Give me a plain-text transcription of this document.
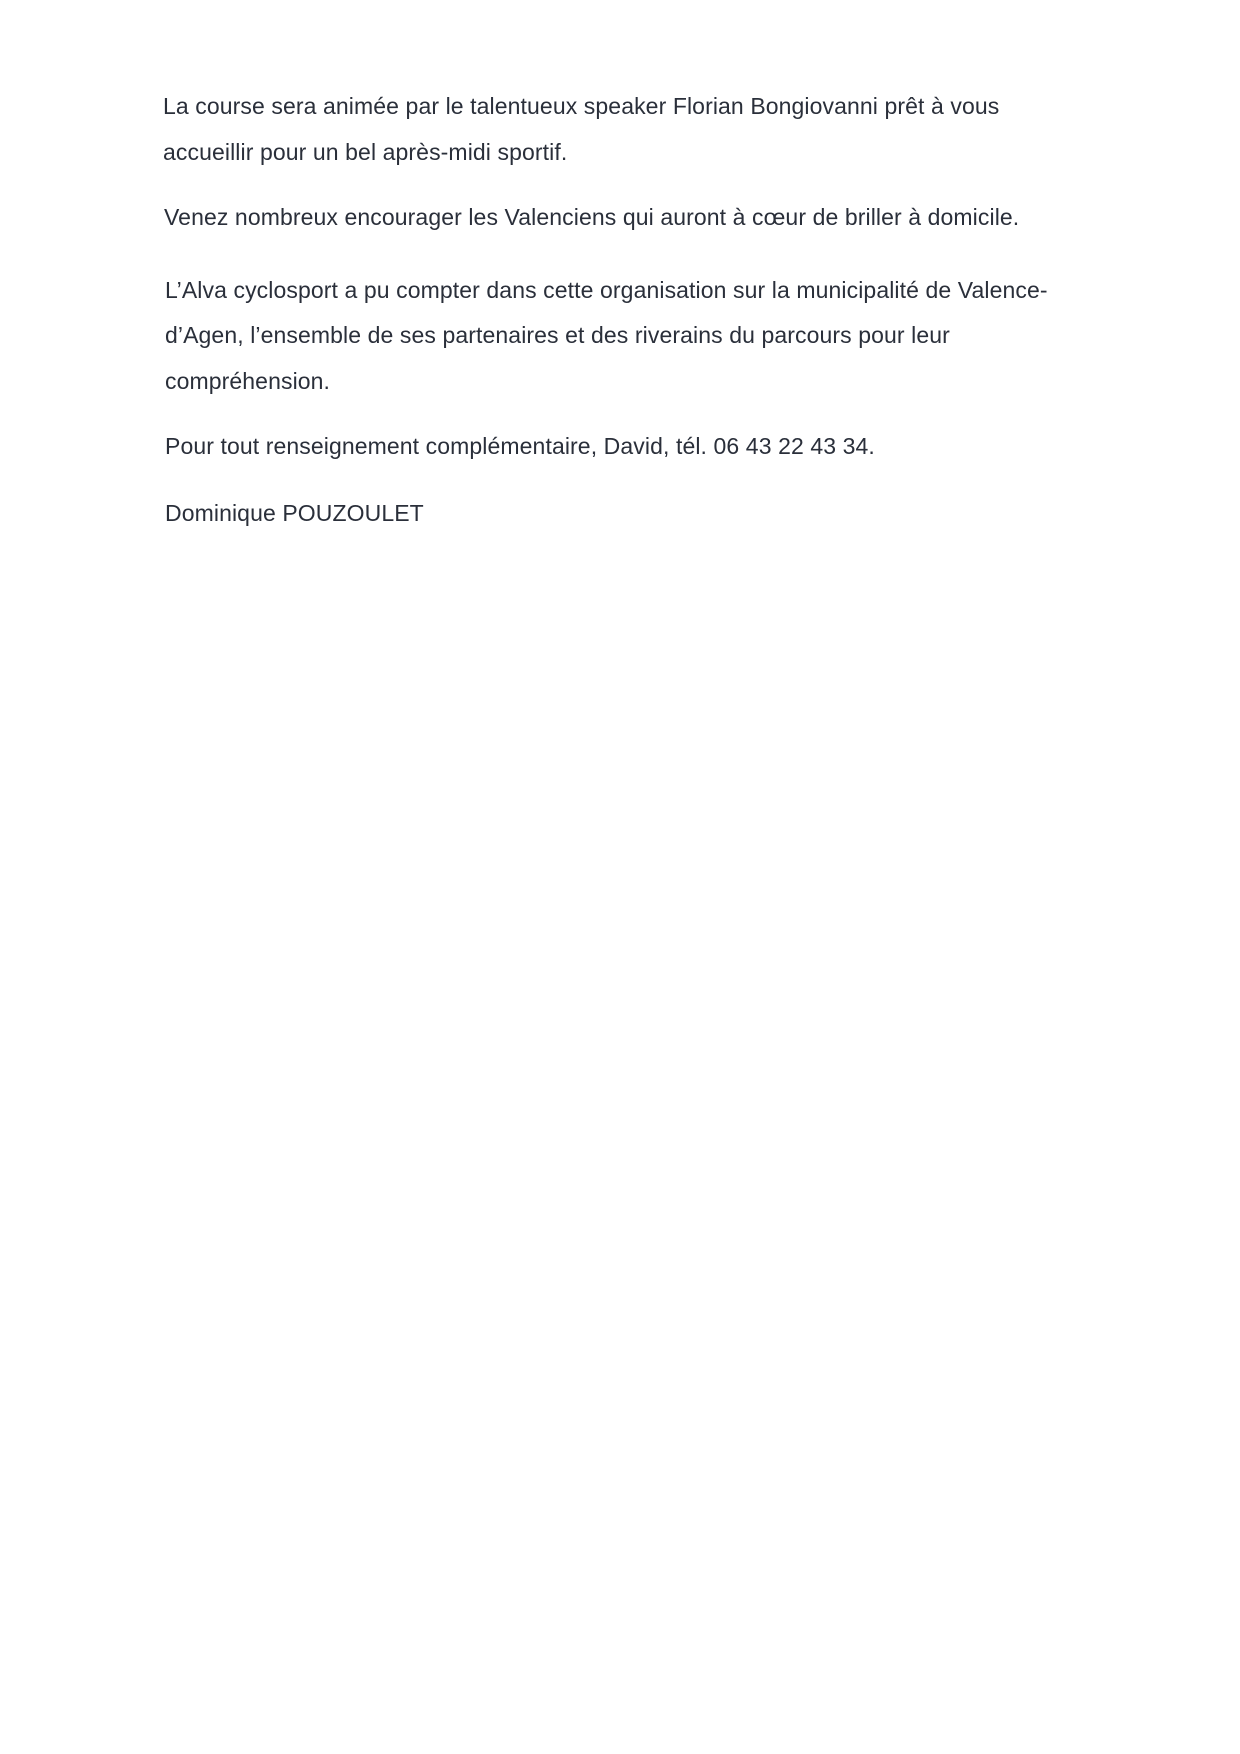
La course sera animée par le talentueux speaker Florian Bongiovanni prêt à vous accueillir pour un bel après-midi sportif.

Venez nombreux encourager les Valenciens qui auront à cœur de briller à domicile.

L’Alva cyclosport a pu compter dans cette organisation sur la municipalité de Valence-d’Agen, l’ensemble de ses partenaires et des riverains du parcours pour leur compréhension.

Pour tout renseignement complémentaire, David, tél. 06 43 22 43 34.

Dominique POUZOULET
